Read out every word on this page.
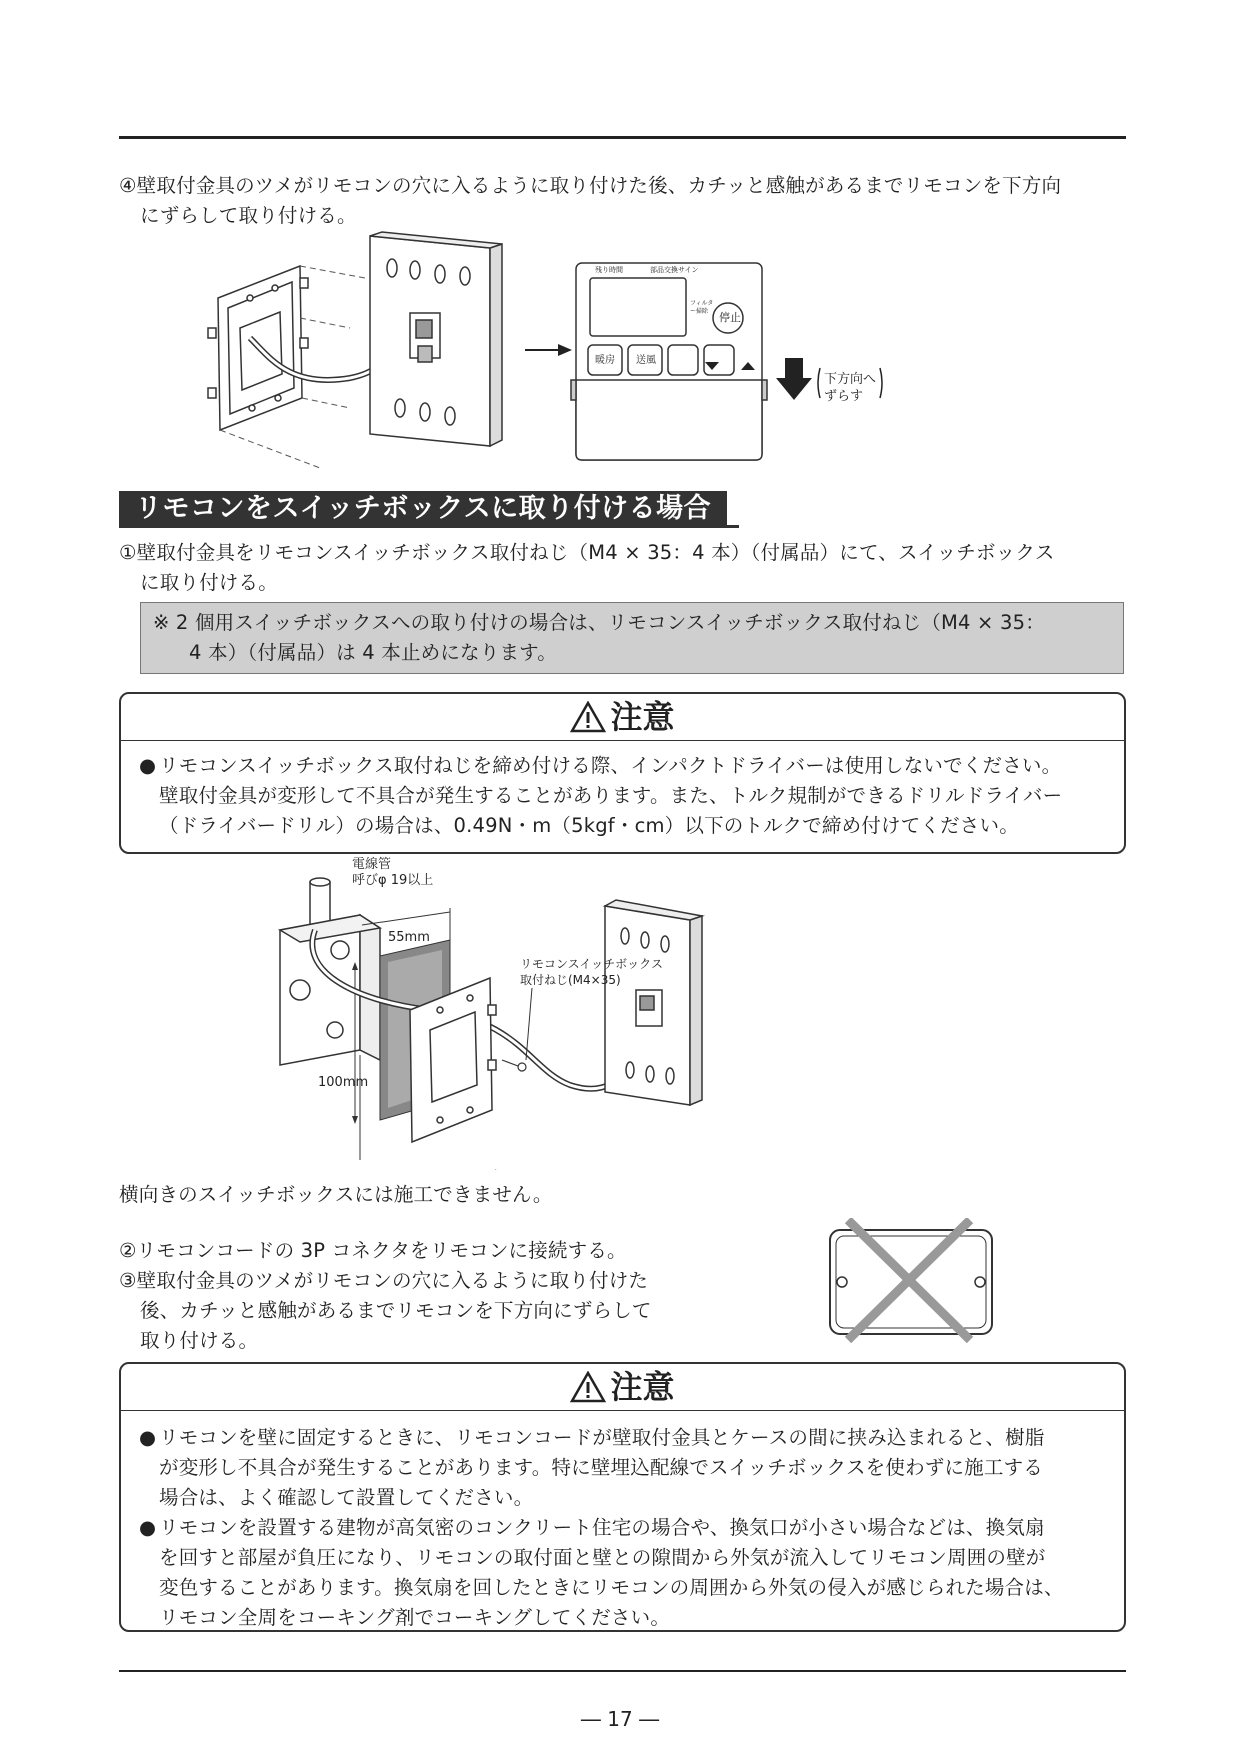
④壁取付金具のツメがリモコンの穴に入るように取り付けた後、カチッと感触があるまでリモコンを下方向
にずらして取り付ける。
残り時間	部品交換サイン
フィルター掃除 停止
暖房 送風
下方向へ
ずらす
リモコンをスイッチボックスに取り付ける場合
①壁取付金具をリモコンスイッチボックス取付ねじ（M4 × 35：4 本）（付属品）にて、スイッチボックス
に取り付ける。
※ 2 個用スイッチボックスへの取り付けの場合は、リモコンスイッチボックス取付ねじ（M4 × 35：
4 本）（付属品）は 4 本止めになります。
注意
● リモコンスイッチボックス取付ねじを締め付ける際、インパクトドライバーは使用しないでください。
壁取付金具が変形して不具合が発生することがあります。また、トルク規制ができるドリルドライバー
（ドライバードリル）の場合は、0.49N・m（5kgf・cm）以下のトルクで締め付けてください。
電線管
呼びφ 19以上
55mm
100mm
リモコンスイッチボックス
取付ねじ(M4×35)
横向きのスイッチボックスには施工できません。
②リモコンコードの 3P コネクタをリモコンに接続する。
③壁取付金具のツメがリモコンの穴に入るように取り付けた
後、カチッと感触があるまでリモコンを下方向にずらして
取り付ける。
注意
● リモコンを壁に固定するときに、リモコンコードが壁取付金具とケースの間に挟み込まれると、樹脂
が変形し不具合が発生することがあります。特に壁埋込配線でスイッチボックスを使わずに施工する
場合は、よく確認して設置してください。
● リモコンを設置する建物が高気密のコンクリート住宅の場合や、換気口が小さい場合などは、換気扇
を回すと部屋が負圧になり、リモコンの取付面と壁との隙間から外気が流入してリモコン周囲の壁が
変色することがあります。換気扇を回したときにリモコンの周囲から外気の侵入が感じられた場合は、
リモコン全周をコーキング剤でコーキングしてください。
― 17 ―
